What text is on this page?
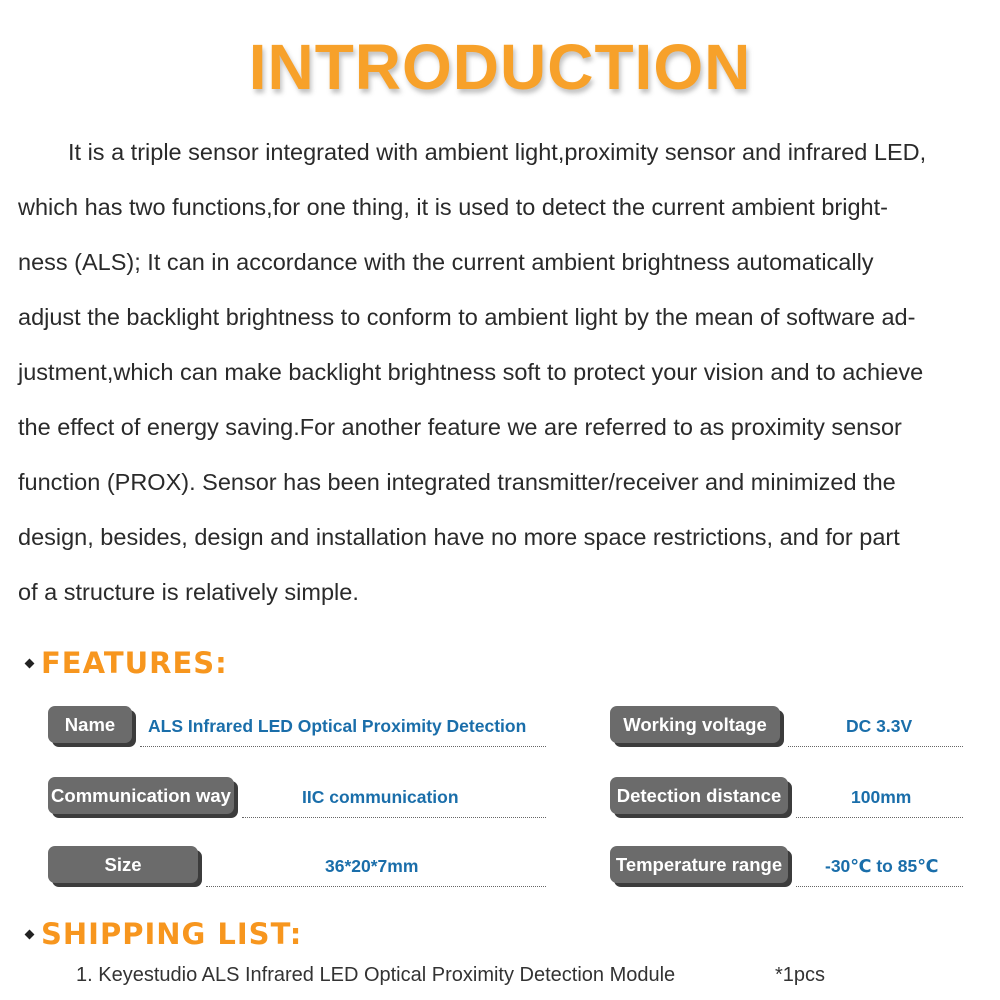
INTRODUCTION
It is a triple sensor integrated with ambient light,proximity sensor and infrared LED,
which has two functions,for one thing, it is used to detect the current ambient bright-
ness (ALS); It can in accordance with the current ambient brightness automatically
adjust the backlight brightness to conform to ambient light by the mean of software ad-
justment,which can make backlight brightness soft to protect your vision and to achieve
the effect of energy saving.For another feature we are referred to as proximity sensor
function (PROX). Sensor has been integrated transmitter/receiver and minimized the
design, besides, design and installation have no more space restrictions, and for part
of a structure is relatively simple.
FEATURES:
Name	ALS Infrared LED Optical Proximity Detection	Working voltage	DC 3.3V
Communication way	IIC communication	Detection distance	100mm
Size	36*20*7mm	Temperature range	-30℃ to 85℃
SHIPPING LIST:
1. Keyestudio ALS Infrared LED Optical Proximity Detection Module	*1pcs
